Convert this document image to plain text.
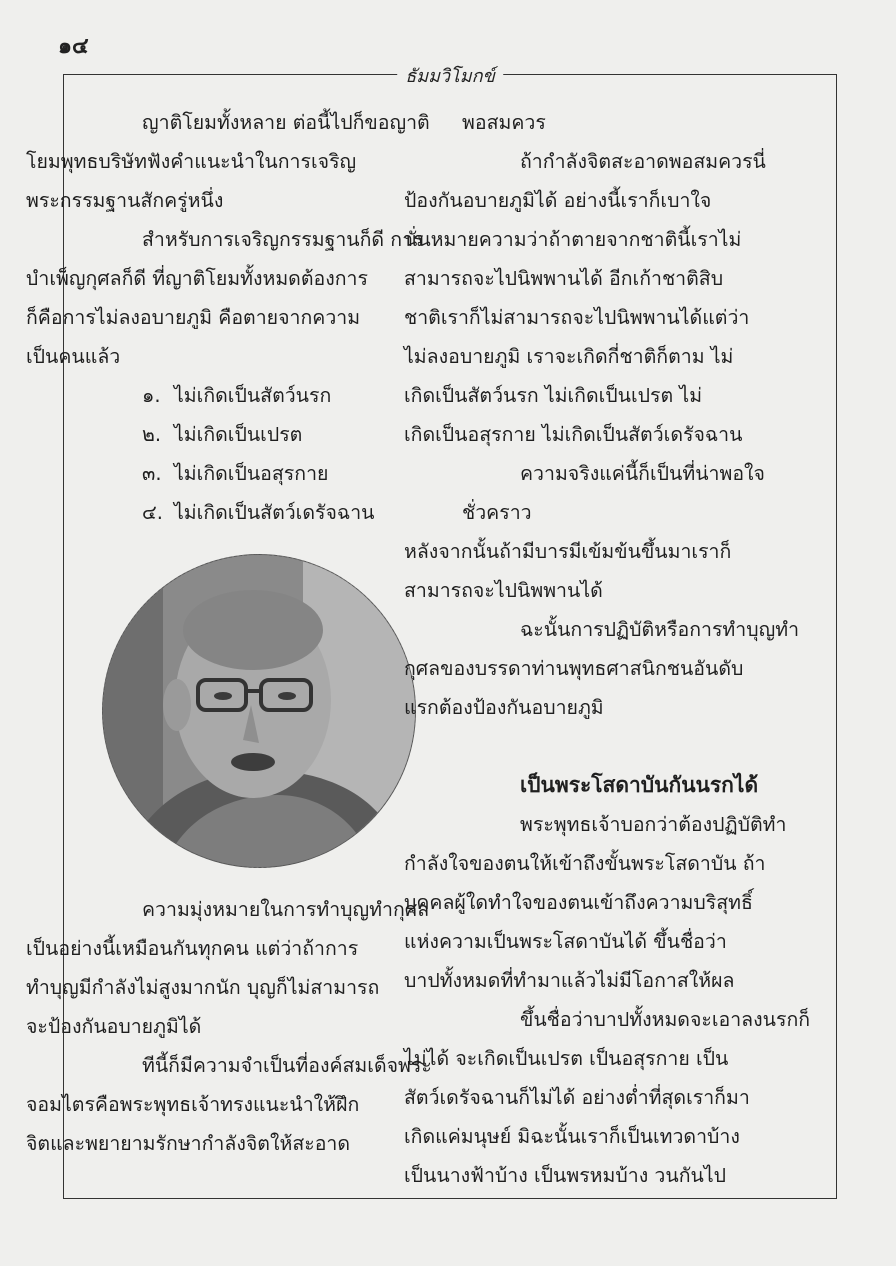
๑๔
ธัมมวิโมกข์

ญาติโยมทั้งหลาย ต่อนี้ไปก็ขอญาติ
โยมพุทธบริษัทฟังคำแนะนำในการเจริญ
พระกรรมฐานสักครู่หนึ่ง

สำหรับการเจริญกรรมฐานก็ดี การ
บำเพ็ญกุศลก็ดี ที่ญาติโยมทั้งหมดต้องการ
ก็คือการไม่ลงอบายภูมิ คือตายจากความ
เป็นคนแล้ว

๑. ไม่เกิดเป็นสัตว์นรก
๒. ไม่เกิดเป็นเปรต
๓. ไม่เกิดเป็นอสุรกาย
๔. ไม่เกิดเป็นสัตว์เดรัจฉาน

ความมุ่งหมายในการทำบุญทำกุศล
เป็นอย่างนี้เหมือนกันทุกคน แต่ว่าถ้าการ
ทำบุญมีกำลังไม่สูงมากนัก บุญก็ไม่สามารถ
จะป้องกันอบายภูมิได้

ทีนี้ก็มีความจำเป็นที่องค์สมเด็จพระ
จอมไตรคือพระพุทธเจ้าทรงแนะนำให้ฝึก
จิตและพยายามรักษากำลังจิตให้สะอาด

พอสมควร

ถ้ากำลังจิตสะอาดพอสมควรนี่
ป้องกันอบายภูมิได้ อย่างนี้เราก็เบาใจ
นั่นหมายความว่าถ้าตายจากชาตินี้เราไม่
สามารถจะไปนิพพานได้ อีกเก้าชาติสิบ
ชาติเราก็ไม่สามารถจะไปนิพพานได้แต่ว่า
ไม่ลงอบายภูมิ เราจะเกิดกี่ชาติก็ตาม ไม่
เกิดเป็นสัตว์นรก ไม่เกิดเป็นเปรต ไม่
เกิดเป็นอสุรกาย ไม่เกิดเป็นสัตว์เดรัจฉาน

ความจริงแค่นี้ก็เป็นที่น่าพอใจชั่วคราว
หลังจากนั้นถ้ามีบารมีเข้มข้นขึ้นมาเราก็
สามารถจะไปนิพพานได้

ฉะนั้นการปฏิบัติหรือการทำบุญทำ
กุศลของบรรดาท่านพุทธศาสนิกชนอันดับ
แรกต้องป้องกันอบายภูมิ

เป็นพระโสดาบันกันนรกได้

พระพุทธเจ้าบอกว่าต้องปฏิบัติทำ
กำลังใจของตนให้เข้าถึงขั้นพระโสดาบัน ถ้า
บุคคลผู้ใดทำใจของตนเข้าถึงความบริสุทธิ์
แห่งความเป็นพระโสดาบันได้ ขึ้นชื่อว่า
บาปทั้งหมดที่ทำมาแล้วไม่มีโอกาสให้ผล

ขึ้นชื่อว่าบาปทั้งหมดจะเอาลงนรกก็
ไม่ได้ จะเกิดเป็นเปรต เป็นอสุรกาย เป็น
สัตว์เดรัจฉานก็ไม่ได้ อย่างต่ำที่สุดเราก็มา
เกิดแค่มนุษย์ มิฉะนั้นเราก็เป็นเทวดาบ้าง
เป็นนางฟ้าบ้าง เป็นพรหมบ้าง วนกันไป
